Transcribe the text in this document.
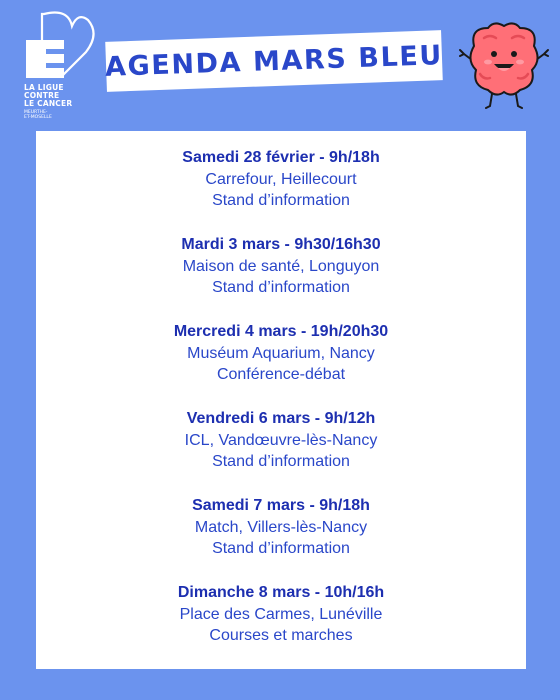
LA LIGUE
CONTRE
LE CANCER
MEURTHE-
ET-MOSELLE
AGENDA MARS BLEU
Samedi 28 février - 9h/18h
Carrefour, Heillecourt
Stand d’information
Mardi 3 mars - 9h30/16h30
Maison de santé, Longuyon
Stand d’information
Mercredi 4 mars - 19h/20h30
Muséum Aquarium, Nancy
Conférence-débat
Vendredi 6 mars - 9h/12h
ICL, Vandœuvre-lès-Nancy
Stand d’information
Samedi 7 mars - 9h/18h
Match, Villers-lès-Nancy
Stand d’information
Dimanche 8 mars - 10h/16h
Place des Carmes, Lunéville
Courses et marches
